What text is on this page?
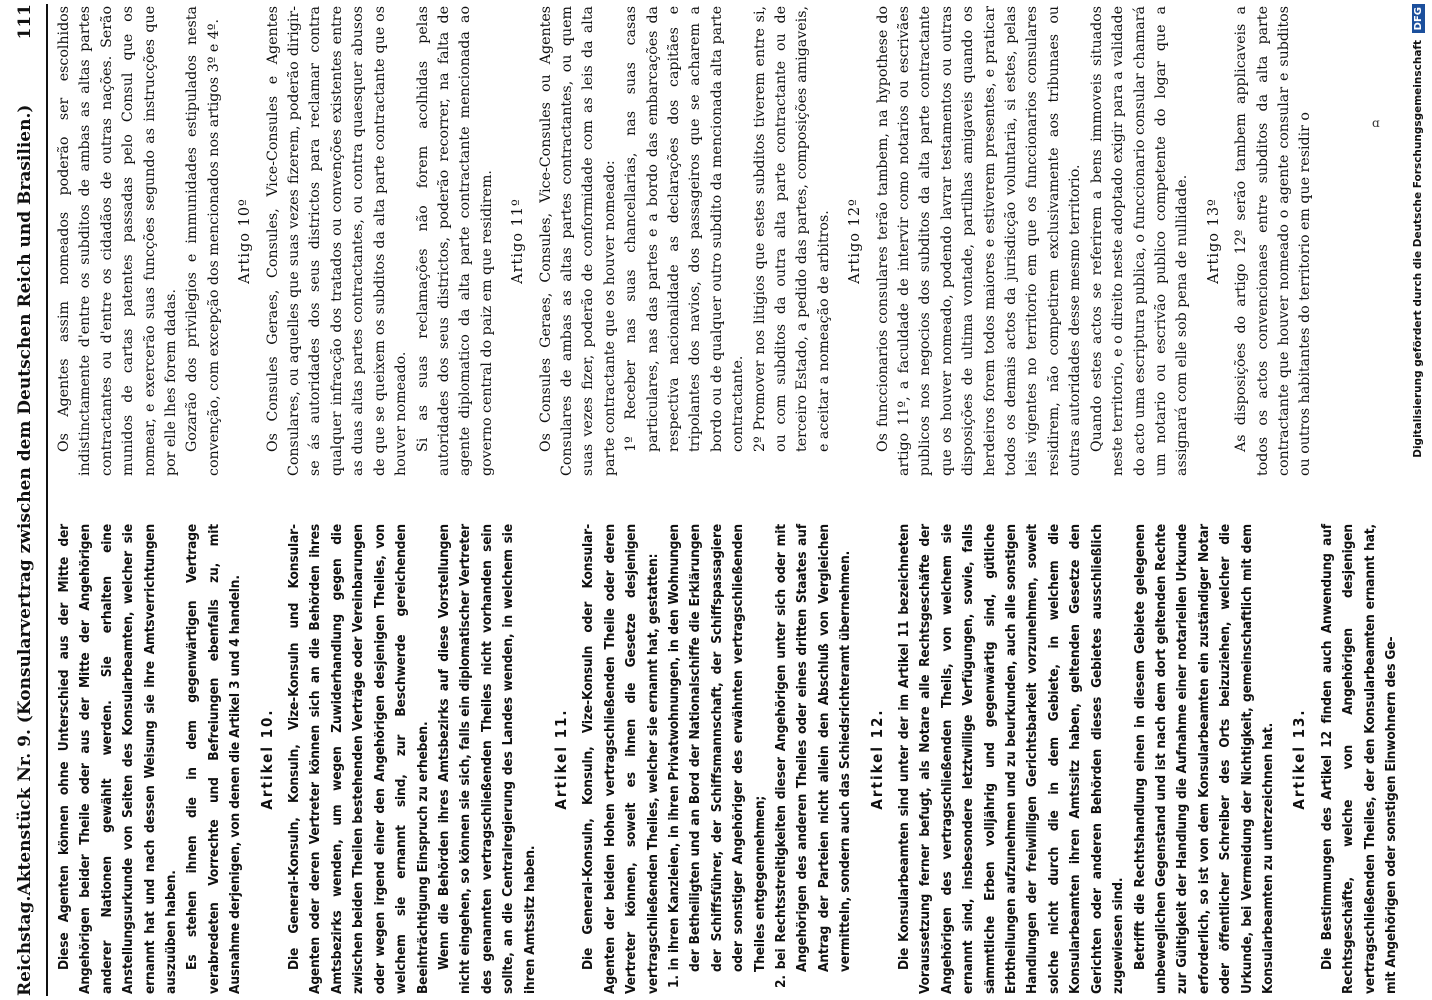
Reichstag.
Aktenstück Nr. 9. (Konsularvertrag zwischen dem Deutschen Reich und Brasilien.)
111

Diese Agenten können ohne Unterschied aus der Mitte der Angehörigen beider Theile oder aus der Mitte der Angehörigen anderer Nationen gewählt werden. Sie erhalten eine Anstellungsurkunde von Seiten des Konsularbeamten, welcher sie ernannt hat und nach dessen Weisung sie ihre Amtsverrichtungen auszuüben haben. Es stehen ihnen die in dem gegenwärtigen Vertrage verabredeten Vorrechte und Befreiungen ebenfalls zu, mit Ausnahme derjenigen, von denen die Artikel 3 und 4 handeln. Artikel 10. Die General-Konsuln, Konsuln, Vize-Konsuln und Konsular-Agenten oder deren Vertreter können sich an die Behörden ihres Amtsbezirks wenden, um wegen Zuwiderhandlung gegen die zwischen beiden Theilen bestehenden Verträge oder Vereinbarungen oder wegen irgend einer den Angehörigen desjenigen Theiles, von welchem sie ernannt sind, zur Beschwerde gereichenden Beeinträchtigung Einspruch zu erheben. Wenn die Behörden ihres Amtsbezirks auf diese Vorstellungen nicht eingehen, so können sie sich, falls ein diplomatischer Vertreter des genannten vertragschließenden Theiles nicht vorhanden sein sollte, an die Centralregierung des Landes wenden, in welchem sie ihren Amtssitz haben.

Artikel 11. Die General-Konsuln, Konsuln, Vize-Konsuln oder Konsular-Agenten der beiden Hohen vertragschließenden Theile oder deren Vertreter können, soweit es ihnen die Gesetze desjenigen vertragschließenden Theiles, welcher sie ernannt hat, gestatten: 1. in ihren Kanzleien, in ihren Privatwohnungen, in den Wohnungen der Betheiligten und an Bord der Nationalschiffe die Erklärungen der Schiffsführer, der Schiffsmannschaft, der Schiffspassagiere oder sonstiger Angehöriger des erwähnten vertragschließenden Theiles entgegennehmen; 2. bei Rechtsstreitigkeiten dieser Angehörigen unter sich oder mit Angehörigen des anderen Theiles oder eines dritten Staates auf Antrag der Parteien nicht allein den Abschluß von Vergleichen vermitteln, sondern auch das Schiedsrichteramt übernehmen. Artikel 12. Die Konsularbeamten sind unter der im Artikel 11 bezeichneten Voraussetzung ferner befugt, als Notare alle Rechtsgeschäfte der Angehörigen des vertragschließenden Theils, von welchem sie ernannt sind, insbesondere letztwillige Verfügungen, sowie, falls sämmtliche Erben volljährig und gegenwärtig sind, gütliche Erbtheilungen aufzunehmen und zu beurkunden, auch alle sonstigen Handlungen der freiwilligen Gerichtsbarkeit vorzunehmen, soweit solche nicht durch die in dem Gebiete, in welchem die Konsularbeamten ihren Amtssitz haben, geltenden Gesetze den Gerichten oder anderen Behörden dieses Gebietes ausschließlich zugewiesen sind. Betrifft die Rechtshandlung einen in diesem Gebiete gelegenen unbeweglichen Gegenstand und ist nach dem dort geltenden Rechte zur Gültigkeit der Handlung die Aufnahme einer notariellen Urkunde erforderlich, so ist von dem Konsularbeamten ein zuständiger Notar oder öffentlicher Schreiber des Orts beizuziehen, welcher die Urkunde, bei Vermeidung der Nichtigkeit, gemeinschaftlich mit dem Konsularbeamten zu unterzeichnen hat. Artikel 13. Die Bestimmungen des Artikel 12 finden auch Anwendung auf Rechtsgeschäfte, welche von Angehörigen desjenigen vertragschließenden Theiles, der den Konsularbeamten ernannt hat, mit Angehörigen oder sonstigen Einwohnern des Ge-

Os Agentes assim nomeados poderão ser escolhidos indistinctamente d'entre os subditos de ambas as altas partes contractantes ou d'entre os cidadãos de outras nações. Serão munidos de cartas patentes passadas pelo Consul que os nomear, e exercerão suas funcções segundo as instrucções que por elle lhes forem dadas. Gozarão dos privilegios e immunidades estipulados nesta convenção, com excepção dos mencionados nos artigos 3º e 4º. Artigo 10º Os Consules Geraes, Consules, Vice-Consules e Agentes Consulares, ou aquelles que suas vezes fizerem, poderão dirigir-se ás autoridades dos seus districtos para reclamar contra qualquer infracção dos tratados ou convenções existentes entre as duas altas partes contractantes, ou contra quaesquer abusos de que se queixem os subditos da alta parte contractante que os houver nomeado. Si as suas reclamações não forem acolhidas pelas autoridades dos seus districtos, poderão recorrer, na falta de agente diplomatico da alta parte contractante mencionada ao governo central do paiz em que residirem. Artigo 11º Os Consules Geraes, Consules, Vice-Consules ou Agentes Consulares de ambas as altas partes contractantes, ou quem suas vezes fizer, poderão de conformidade com as leis da alta parte contractante que os houver nomeado: 1º Receber nas suas chancellarias, nas suas casas particulares, nas das partes e a bordo das embarcações da respectiva nacionalidade as declarações dos capitães e tripolantes dos navios, dos passageiros que se acharem a bordo ou de qualquer outro subdito da mencionada alta parte contractante. 2º Promover nos litigios que estes subditos tiverem entre si, ou com subditos da outra alta parte contractante ou de terceiro Estado, a pedido das partes, composições amigaveis, e aceitar a nomeação de arbitros. Artigo 12º Os funccionarios consulares terão tambem, na hypothese do artigo 11º, a faculdade de intervir como notarios ou escrivães publicos nos negocios dos subditos da alta parte contractante que os houver nomeado, podendo lavrar testamentos ou outras disposições de ultima vontade, partilhas amigaveis quando os herdeiros forem todos maiores e estiverem presentes, e praticar todos os demais actos da jurisdicção voluntaria, si estes, pelas leis vigentes no territorio em que os funccionarios consulares residirem, não competirem exclusivamente aos tribunaes ou outras autoridades desse mesmo territorio. Quando estes actos se referirem a bens immoveis situados neste territorio, e o direito neste adoptado exigir para a validade do acto uma escriptura publica, o funccionario consular chamará um notario ou escrivão publico competente do logar que a assignará com elle sob pena de nullidade. Artigo 13º As disposições do artigo 12º serão tambem applicaveis a todos os actos convencionaes entre subditos da alta parte contractante que houver nomeado o agente consular e subditos ou outros habitantes do territorio em que residir o	ɑ	Digitalisierung gefördert durch die Deutsche Forschungsgemeinschaft DFG
